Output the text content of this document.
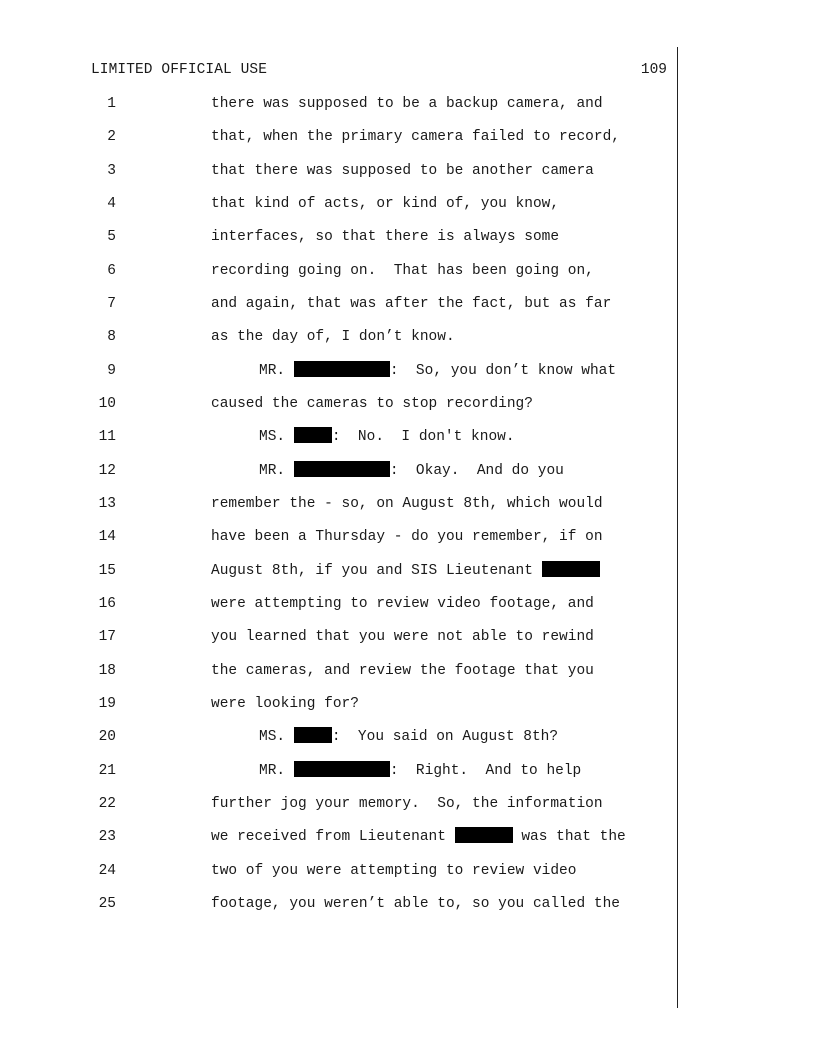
LIMITED OFFICIAL USE	109
1	there was supposed to be a backup camera, and
2	that, when the primary camera failed to record,
3	that there was supposed to be another camera
4	that kind of acts, or kind of, you know,
5	interfaces, so that there is always some
6	recording going on.  That has been going on,
7	and again, that was after the fact, but as far
8	as the day of, I don’t know.
9	MR.	:  So, you don’t know what
10	caused the cameras to stop recording?
11	MS.	:  No.  I don't know.
12	MR.	:  Okay.  And do you
13	remember the - so, on August 8th, which would
14	have been a Thursday - do you remember, if on
15	August 8th, if you and SIS Lieutenant
16	were attempting to review video footage, and
17	you learned that you were not able to rewind
18	the cameras, and review the footage that you
19	were looking for?
20	MS.	:  You said on August 8th?
21	MR.	:  Right.  And to help
22	further jog your memory.  So, the information
23	we received from Lieutenant	was that the
24	two of you were attempting to review video
25	footage, you weren’t able to, so you called the
